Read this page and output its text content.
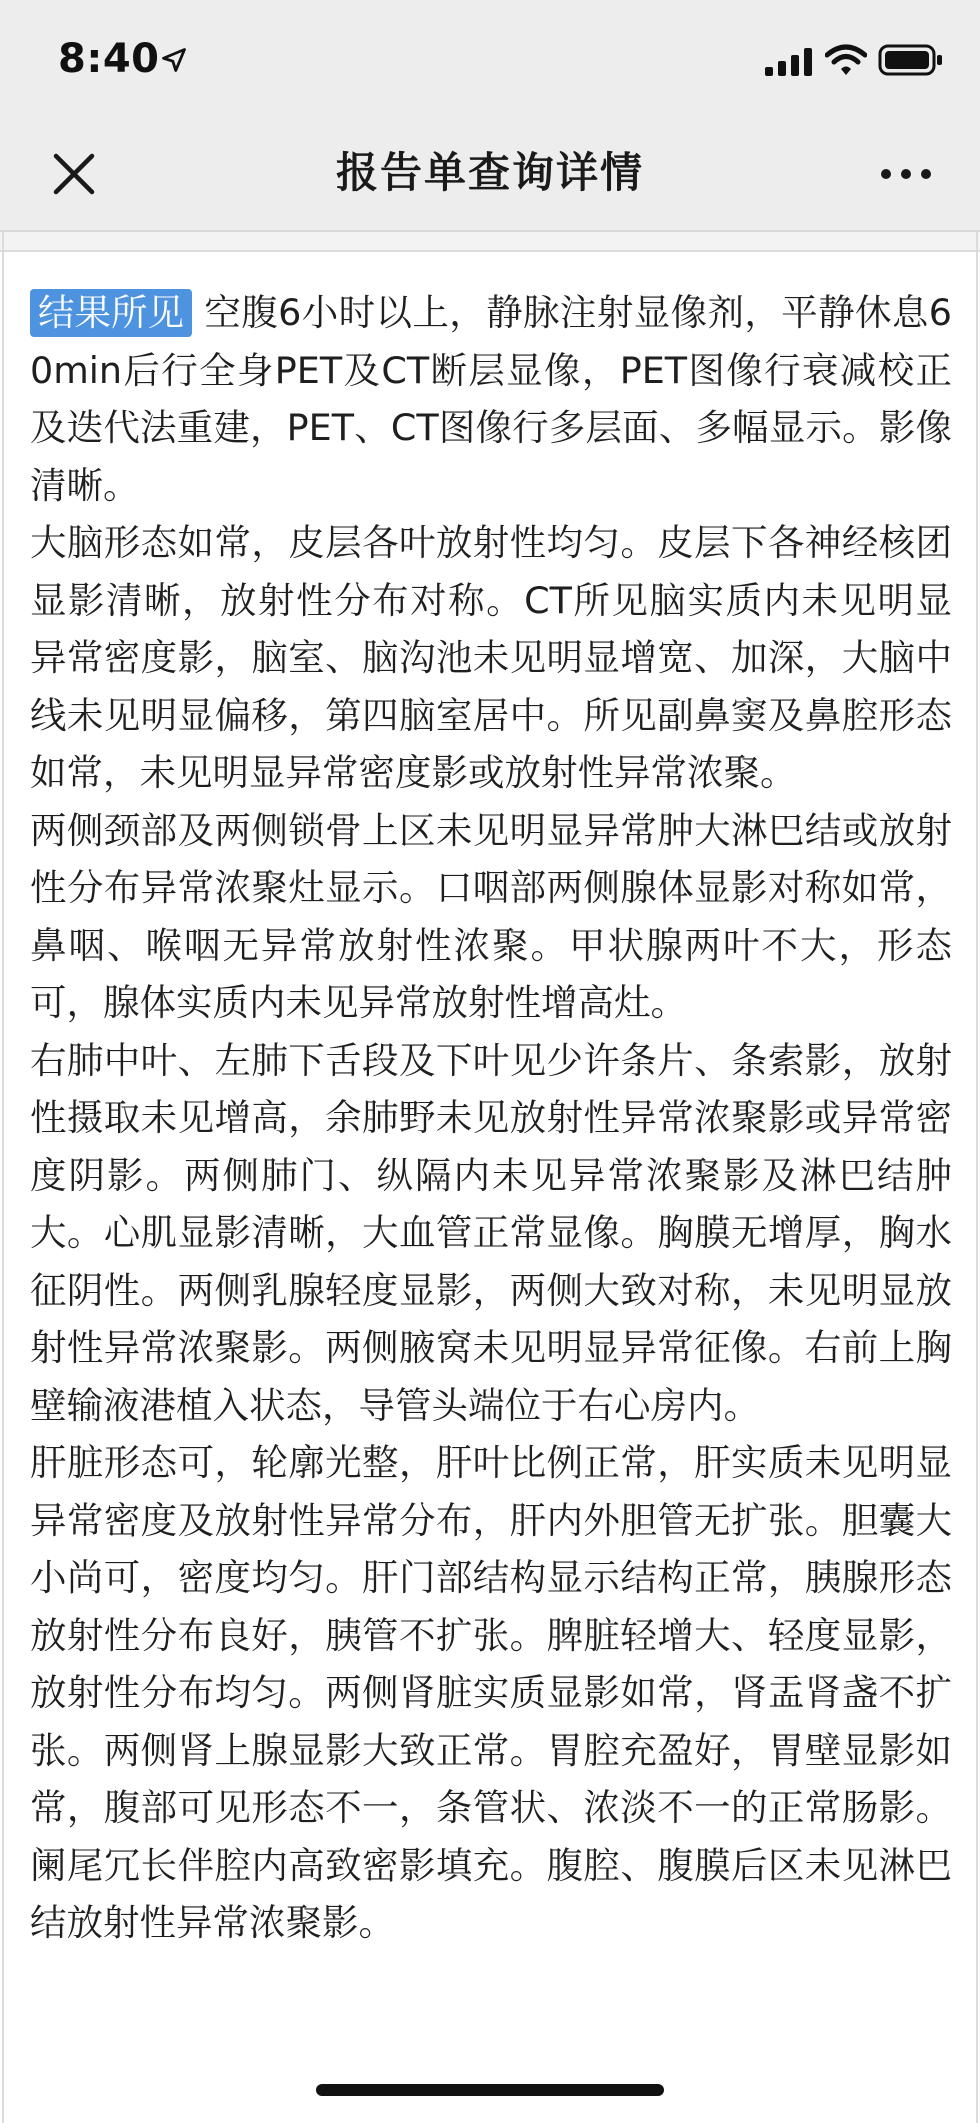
8:40
报告单查询详情

结果所见 空腹6小时以上，静脉注射显像剂，平静休息60min后行全身PET及CT断层显像，PET图像行衰减校正及迭代法重建，PET、CT图像行多层面、多幅显示。影像清晰。

大脑形态如常，皮层各叶放射性均匀。皮层下各神经核团显影清晰，放射性分布对称。CT所见脑实质内未见明显异常密度影，脑室、脑沟池未见明显增宽、加深，大脑中线未见明显偏移，第四脑室居中。所见副鼻窦及鼻腔形态如常，未见明显异常密度影或放射性异常浓聚。

两侧颈部及两侧锁骨上区未见明显异常肿大淋巴结或放射性分布异常浓聚灶显示。口咽部两侧腺体显影对称如常，鼻咽、喉咽无异常放射性浓聚。甲状腺两叶不大，形态可，腺体实质内未见异常放射性增高灶。

右肺中叶、左肺下舌段及下叶见少许条片、条索影，放射性摄取未见增高，余肺野未见放射性异常浓聚影或异常密度阴影。两侧肺门、纵隔内未见异常浓聚影及淋巴结肿大。心肌显影清晰，大血管正常显像。胸膜无增厚，胸水征阴性。两侧乳腺轻度显影，两侧大致对称，未见明显放射性异常浓聚影。两侧腋窝未见明显异常征像。右前上胸壁输液港植入状态，导管头端位于右心房内。

肝脏形态可，轮廓光整，肝叶比例正常，肝实质未见明显异常密度及放射性异常分布，肝内外胆管无扩张。胆囊大小尚可，密度均匀。肝门部结构显示结构正常，胰腺形态放射性分布良好，胰管不扩张。脾脏轻增大、轻度显影，放射性分布均匀。两侧肾脏实质显影如常，肾盂肾盏不扩张。两侧肾上腺显影大致正常。胃腔充盈好，胃壁显影如常，腹部可见形态不一，条管状、浓淡不一的正常肠影。阑尾冗长伴腔内高致密影填充。腹腔、腹膜后区未见淋巴结放射性异常浓聚影。
